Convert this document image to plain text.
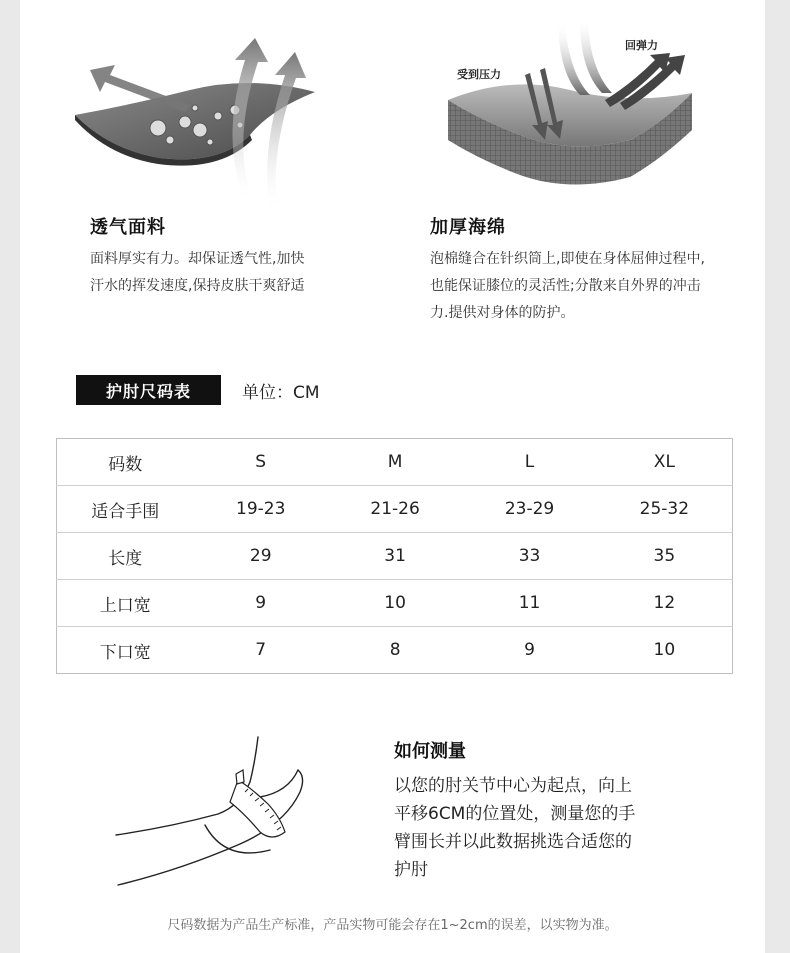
透气面料
面料厚实有力。却保证透气性,加快
汗水的挥发速度,保持皮肤干爽舒适
受到压力
回弹力
加厚海绵
泡棉缝合在针织筒上,即使在身体屈伸过程中,
也能保证膝位的灵活性;分散来自外界的冲击
力.提供对身体的防护。
护肘尺码表	单位：CM
码数	S	M	L	XL
适合手围	19-23	21-26	23-29	25-32
长度	29	31	33	35
上口宽	9	10	11	12
下口宽	7	8	9	10
如何测量
以您的肘关节中心为起点，向上
平移6CM的位置处，测量您的手
臂围长并以此数据挑选合适您的
护肘
尺码数据为产品生产标准，产品实物可能会存在1~2cm的误差，以实物为准。
